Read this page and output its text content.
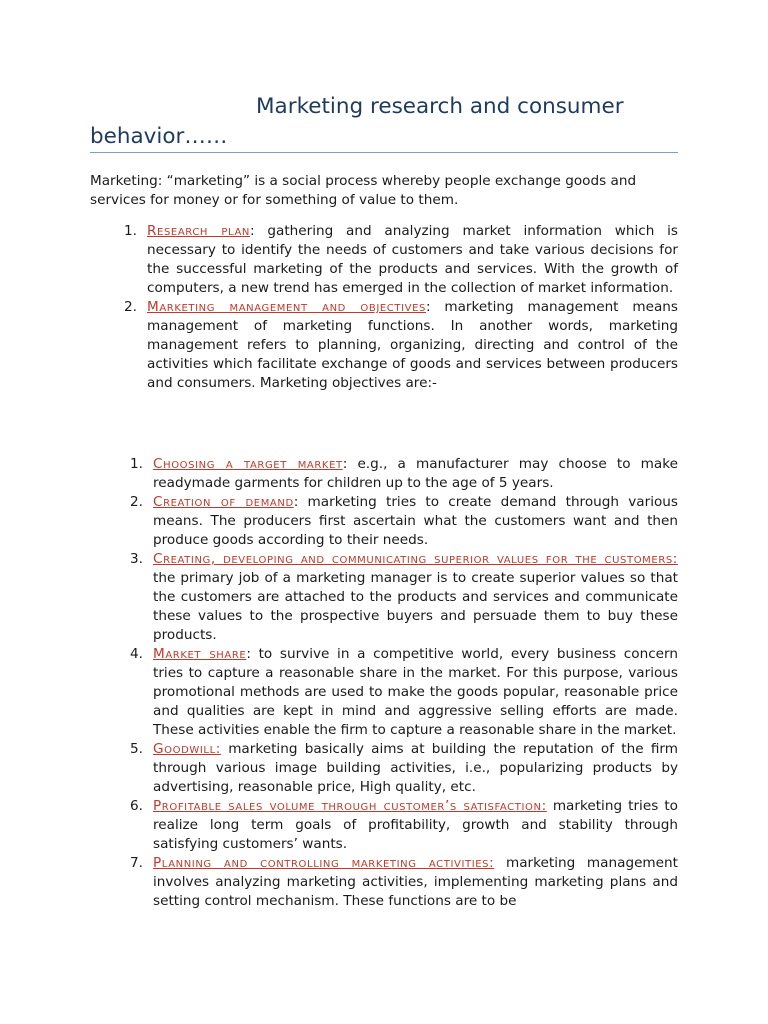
Marketing research and consumer
behavior……

Marketing: “marketing” is a social process whereby people exchange goods and services for money or for something of value to them.

1. Research plan: gathering and analyzing market information which is necessary to identify the needs of customers and take various decisions for the successful marketing of the products and services. With the growth of computers, a new trend has emerged in the collection of market information.
2. Marketing management and objectives: marketing management means management of marketing functions. In another words, marketing management refers to planning, organizing, directing and control of the activities which facilitate exchange of goods and services between producers and consumers. Marketing objectives are:-
1. Choosing a target market: e.g., a manufacturer may choose to make readymade garments for children up to the age of 5 years.
2. Creation of demand: marketing tries to create demand through various means. The producers first ascertain what the customers want and then produce goods according to their needs.
3. Creating, developing and communicating superior values for the customers: the primary job of a marketing manager is to create superior values so that the customers are attached to the products and services and communicate these values to the prospective buyers and persuade them to buy these products.
4. Market share: to survive in a competitive world, every business concern tries to capture a reasonable share in the market. For this purpose, various promotional methods are used to make the goods popular, reasonable price and qualities are kept in mind and aggressive selling efforts are made. These activities enable the firm to capture a reasonable share in the market.
5. Goodwill: marketing basically aims at building the reputation of the firm through various image building activities, i.e., popularizing products by advertising, reasonable price, High quality, etc.
6. Profitable sales volume through customer’s satisfaction: marketing tries to realize long term goals of profitability, growth and stability through satisfying customers’ wants.
7. Planning and controlling marketing activities: marketing management involves analyzing marketing activities, implementing marketing plans and setting control mechanism. These functions are to be
